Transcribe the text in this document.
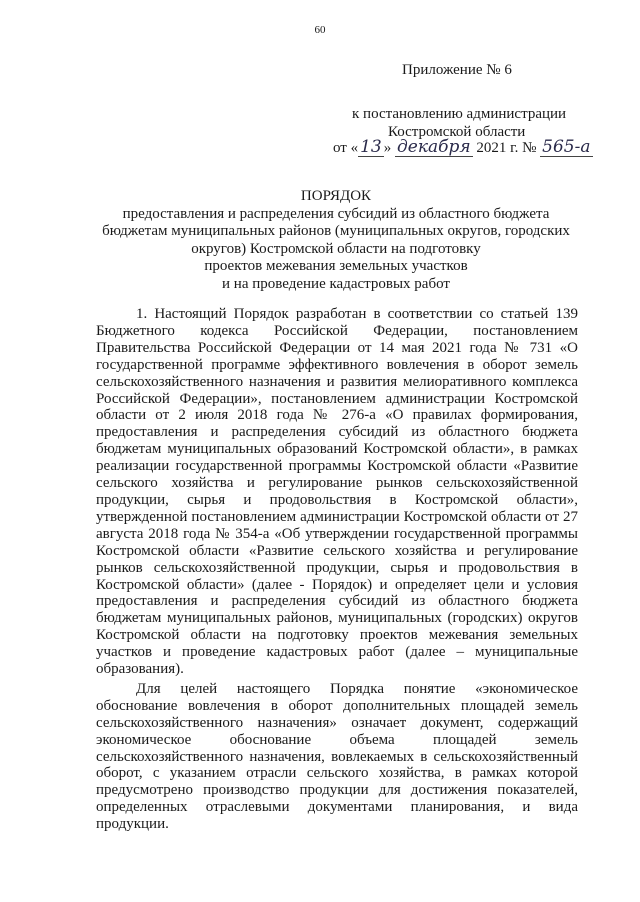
60
Приложение № 6
к постановлению администрации
Костромской области
от « 13 » декабря 2021 г. № 565-а
ПОРЯДОК
предоставления и распределения субсидий из областного бюджета
бюджетам муниципальных районов (муниципальных округов, городских
округов) Костромской области на подготовку
проектов межевания земельных участков
и на проведение кадастровых работ

1. Настоящий Порядок разработан в соответствии со статьей 139 Бюджетного кодекса Российской Федерации, постановлением Правительства Российской Федерации от 14 мая 2021 года № 731 «О государственной программе эффективного вовлечения в оборот земель сельскохозяйственного назначения и развития мелиоративного комплекса Российской Федерации», постановлением администрации Костромской области от 2 июля 2018 года № 276-а «О правилах формирования, предоставления и распределения субсидий из областного бюджета бюджетам муниципальных образований Костромской области», в рамках реализации государственной программы Костромской области «Развитие сельского хозяйства и регулирование рынков сельскохозяйственной продукции, сырья и продовольствия в Костромской области», утвержденной постановлением администрации Костромской области от 27 августа 2018 года № 354-а «Об утверждении государственной программы Костромской области «Развитие сельского хозяйства и регулирование рынков сельскохозяйственной продукции, сырья и продовольствия в Костромской области» (далее - Порядок) и определяет цели и условия предоставления и распределения субсидий из областного бюджета бюджетам муниципальных районов, муниципальных (городских) округов Костромской области на подготовку проектов межевания земельных участков и проведение кадастровых работ (далее – муниципальные образования).

Для целей настоящего Порядка понятие «экономическое обоснование вовлечения в оборот дополнительных площадей земель сельскохозяйственного назначения» означает документ, содержащий экономическое обоснование объема площадей земель сельскохозяйственного назначения, вовлекаемых в сельскохозяйственный оборот, с указанием отрасли сельского хозяйства, в рамках которой предусмотрено производство продукции для достижения показателей, определенных отраслевыми документами планирования, и вида продукции.
